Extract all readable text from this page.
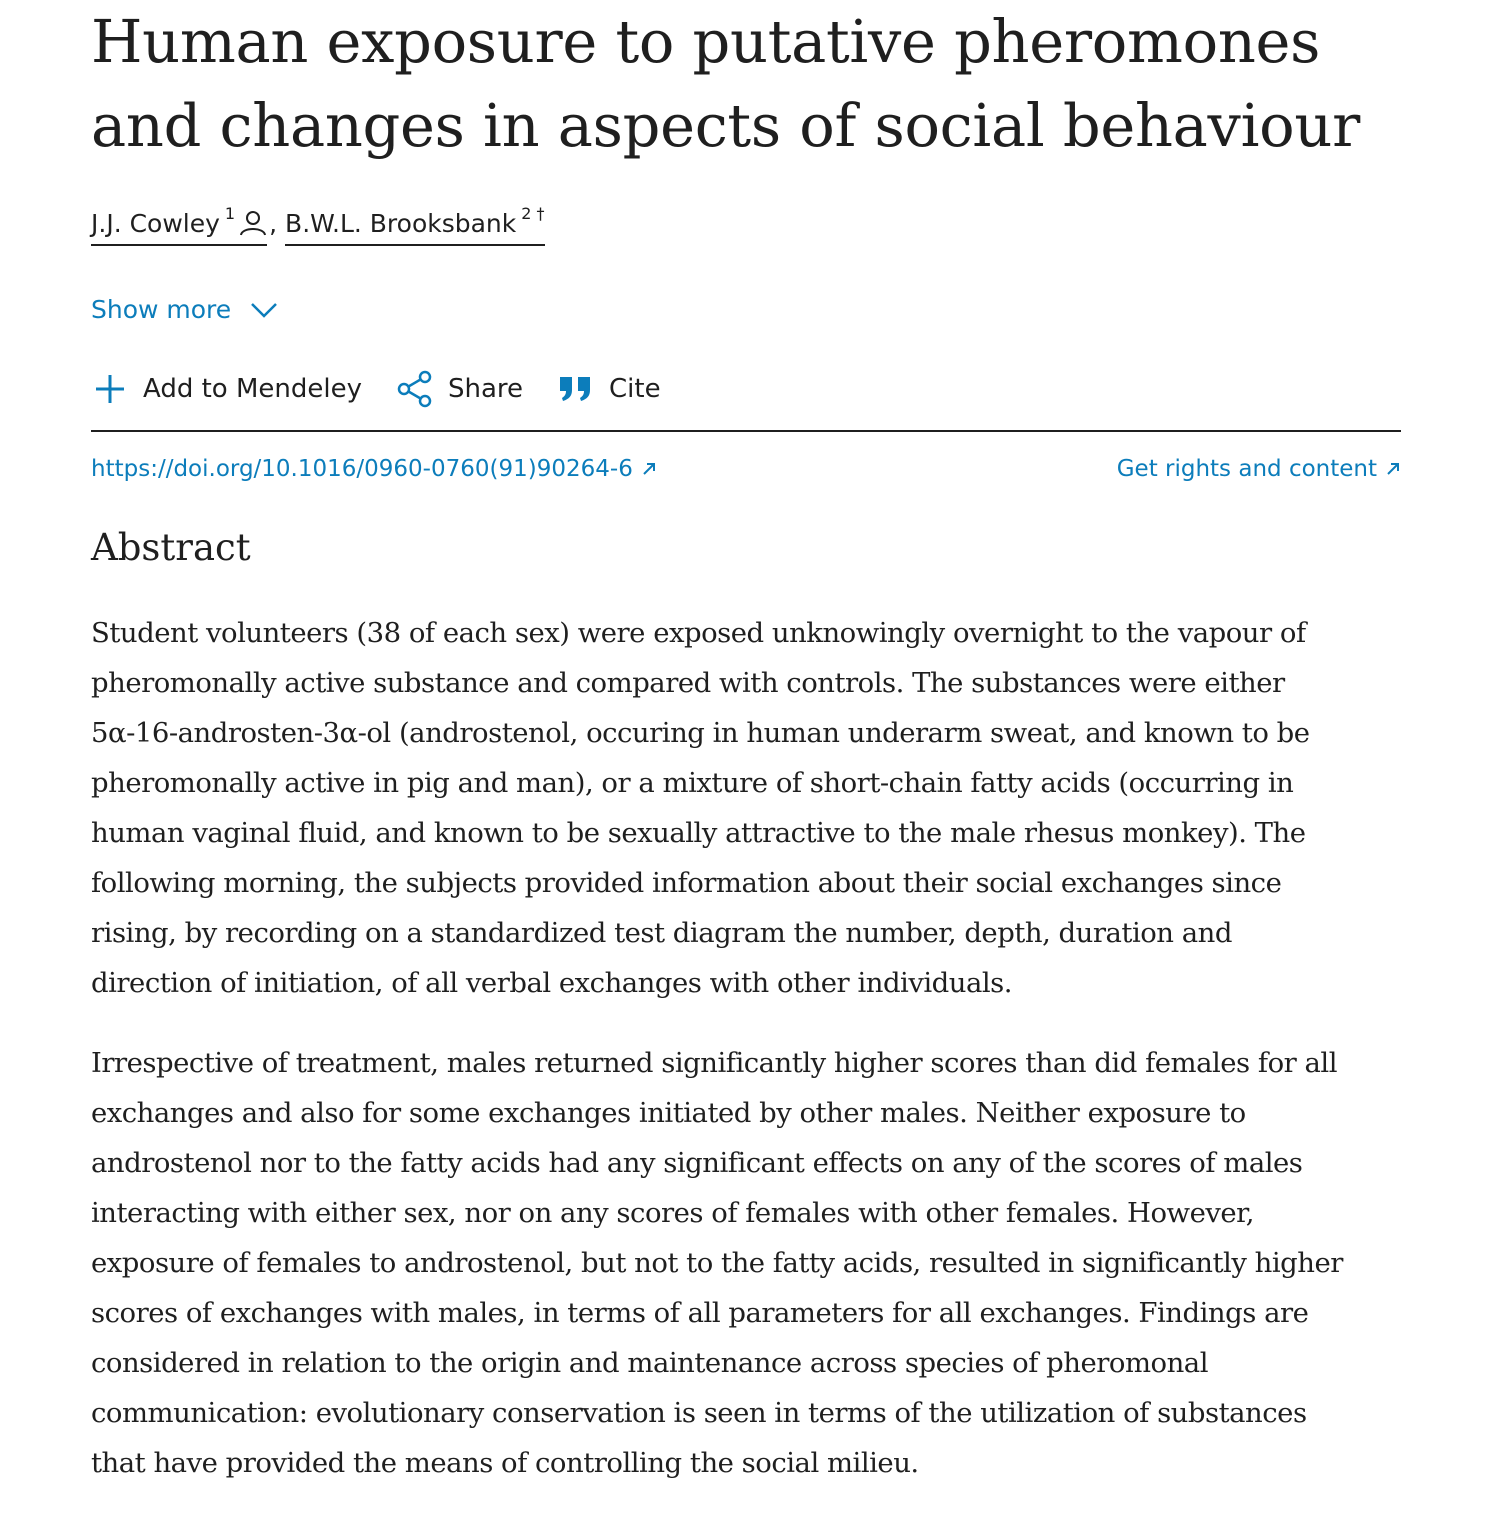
Human exposure to putative pheromones
and changes in aspects of social behaviour
J.J. Cowley $^1$ , B.W.L. Brooksbank $^{2 \dagger}$
Show more
Add to Mendeley	Share	Cite
https://doi.org/10.1016/0960-0760(91)90264-6	Get rights and content
Abstract

Student volunteers (38 of each sex) were exposed unknowingly overnight to the vapour of pheromonally active substance and compared with controls. The substances were either 5α-16-androsten-3α-ol (androstenol, occuring in human underarm sweat, and known to be pheromonally active in pig and man), or a mixture of short-chain fatty acids (occurring in human vaginal fluid, and known to be sexually attractive to the male rhesus monkey). The following morning, the subjects provided information about their social exchanges since rising, by recording on a standardized test diagram the number, depth, duration and direction of initiation, of all verbal exchanges with other individuals.

Irrespective of treatment, males returned significantly higher scores than did females for all exchanges and also for some exchanges initiated by other males. Neither exposure to androstenol nor to the fatty acids had any significant effects on any of the scores of males interacting with either sex, nor on any scores of females with other females. However, exposure of females to androstenol, but not to the fatty acids, resulted in significantly higher scores of exchanges with males, in terms of all parameters for all exchanges. Findings are considered in relation to the origin and maintenance across species of pheromonal communication: evolutionary conservation is seen in terms of the utilization of substances that have provided the means of controlling the social milieu.
